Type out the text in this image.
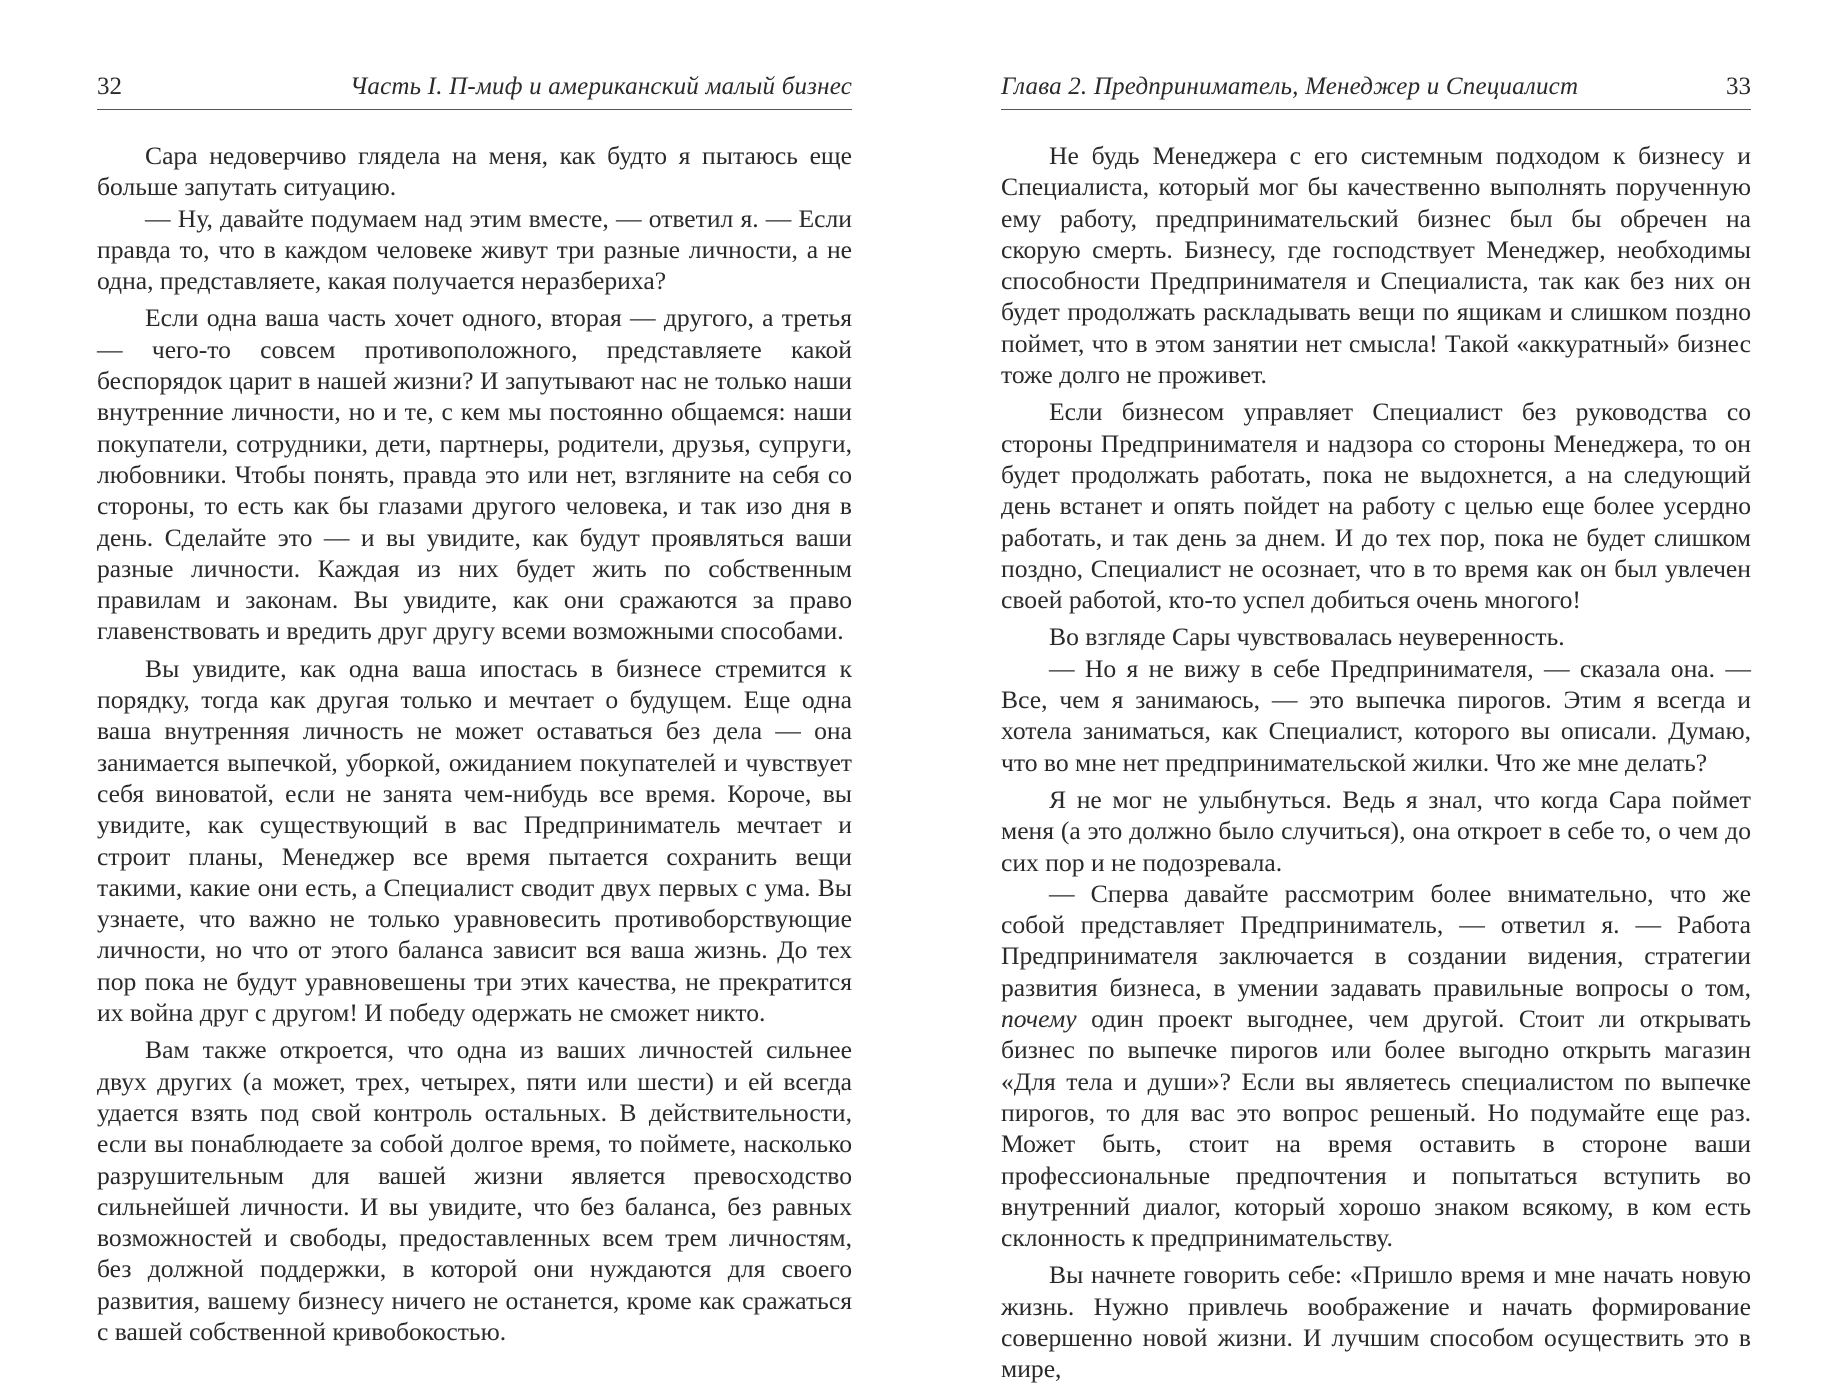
32	Часть I. П-миф и американский малый бизнес

Сара недоверчиво глядела на меня, как будто я пытаюсь еще больше запутать ситуацию.

— Ну, давайте подумаем над этим вместе, — ответил я. — Если правда то, что в каждом человеке живут три разные личности, а не одна, представляете, какая получается неразбериха?

Если одна ваша часть хочет одного, вторая — другого, а третья — чего-то совсем противоположного, представляете какой беспорядок царит в нашей жизни? И запутывают нас не только наши внутренние личности, но и те, с кем мы постоянно общаемся: наши покупатели, сотрудники, дети, партнеры, родители, друзья, супруги, любовники. Чтобы понять, правда это или нет, взгляните на себя со стороны, то есть как бы глазами другого человека, и так изо дня в день. Сделайте это — и вы увидите, как будут проявляться ваши разные личности. Каждая из них будет жить по собственным правилам и законам. Вы увидите, как они сражаются за право главенствовать и вредить друг другу всеми возможными способами.

Вы увидите, как одна ваша ипостась в бизнесе стремится к порядку, тогда как другая только и мечтает о будущем. Еще одна ваша внутренняя личность не может оставаться без дела — она занимается выпечкой, уборкой, ожиданием покупателей и чувствует себя виноватой, если не занята чем-нибудь все время. Короче, вы увидите, как существующий в вас Предприниматель мечтает и строит планы, Менеджер все время пытается сохранить вещи такими, какие они есть, а Специалист сводит двух первых с ума. Вы узнаете, что важно не только уравновесить противоборствующие личности, но что от этого баланса зависит вся ваша жизнь. До тех пор пока не будут уравновешены три этих качества, не прекратится их война друг с другом! И победу одержать не сможет никто.

Вам также откроется, что одна из ваших личностей сильнее двух других (а может, трех, четырех, пяти или шести) и ей всегда удается взять под свой контроль остальных. В действительности, если вы понаблюдаете за собой долгое время, то поймете, насколько разрушительным для вашей жизни является превосходство сильнейшей личности. И вы увидите, что без баланса, без равных возможностей и свободы, предоставленных всем трем личностям, без должной поддержки, в которой они нуждаются для своего развития, вашему бизнесу ничего не останется, кроме как сражаться с вашей собственной кривобокостью.

Глава 2. Предприниматель, Менеджер и Специалист	33

Не будь Менеджера с его системным подходом к бизнесу и Специалиста, который мог бы качественно выполнять порученную ему работу, предпринимательский бизнес был бы обречен на скорую смерть. Бизнесу, где господствует Менеджер, необходимы способности Предпринимателя и Специалиста, так как без них он будет продолжать раскладывать вещи по ящикам и слишком поздно поймет, что в этом занятии нет смысла! Такой «аккуратный» бизнес тоже долго не проживет.

Если бизнесом управляет Специалист без руководства со стороны Предпринимателя и надзора со стороны Менеджера, то он будет продолжать работать, пока не выдохнется, а на следующий день встанет и опять пойдет на работу с целью еще более усердно работать, и так день за днем. И до тех пор, пока не будет слишком поздно, Специалист не осознает, что в то время как он был увлечен своей работой, кто-то успел добиться очень многого!

Во взгляде Сары чувствовалась неуверенность.

— Но я не вижу в себе Предпринимателя, — сказала она. — Все, чем я занимаюсь, — это выпечка пирогов. Этим я всегда и хотела заниматься, как Специалист, которого вы описали. Думаю, что во мне нет предпринимательской жилки. Что же мне делать?

Я не мог не улыбнуться. Ведь я знал, что когда Сара поймет меня (а это должно было случиться), она откроет в себе то, о чем до сих пор и не подозревала.

— Сперва давайте рассмотрим более внимательно, что же собой представляет Предприниматель, — ответил я. — Работа Предпринимателя заключается в создании видения, стратегии развития бизнеса, в умении задавать правильные вопросы о том, почему один проект выгоднее, чем другой. Стоит ли открывать бизнес по выпечке пирогов или более выгодно открыть магазин «Для тела и души»? Если вы являетесь специалистом по выпечке пирогов, то для вас это вопрос решеный. Но подумайте еще раз. Может быть, стоит на время оставить в стороне ваши профессиональные предпочтения и попытаться вступить во внутренний диалог, который хорошо знаком всякому, в ком есть склонность к предпринимательству.

Вы начнете говорить себе: «Пришло время и мне начать новую жизнь. Нужно привлечь воображение и начать формирование совершенно новой жизни. И лучшим способом осуществить это в мире,
